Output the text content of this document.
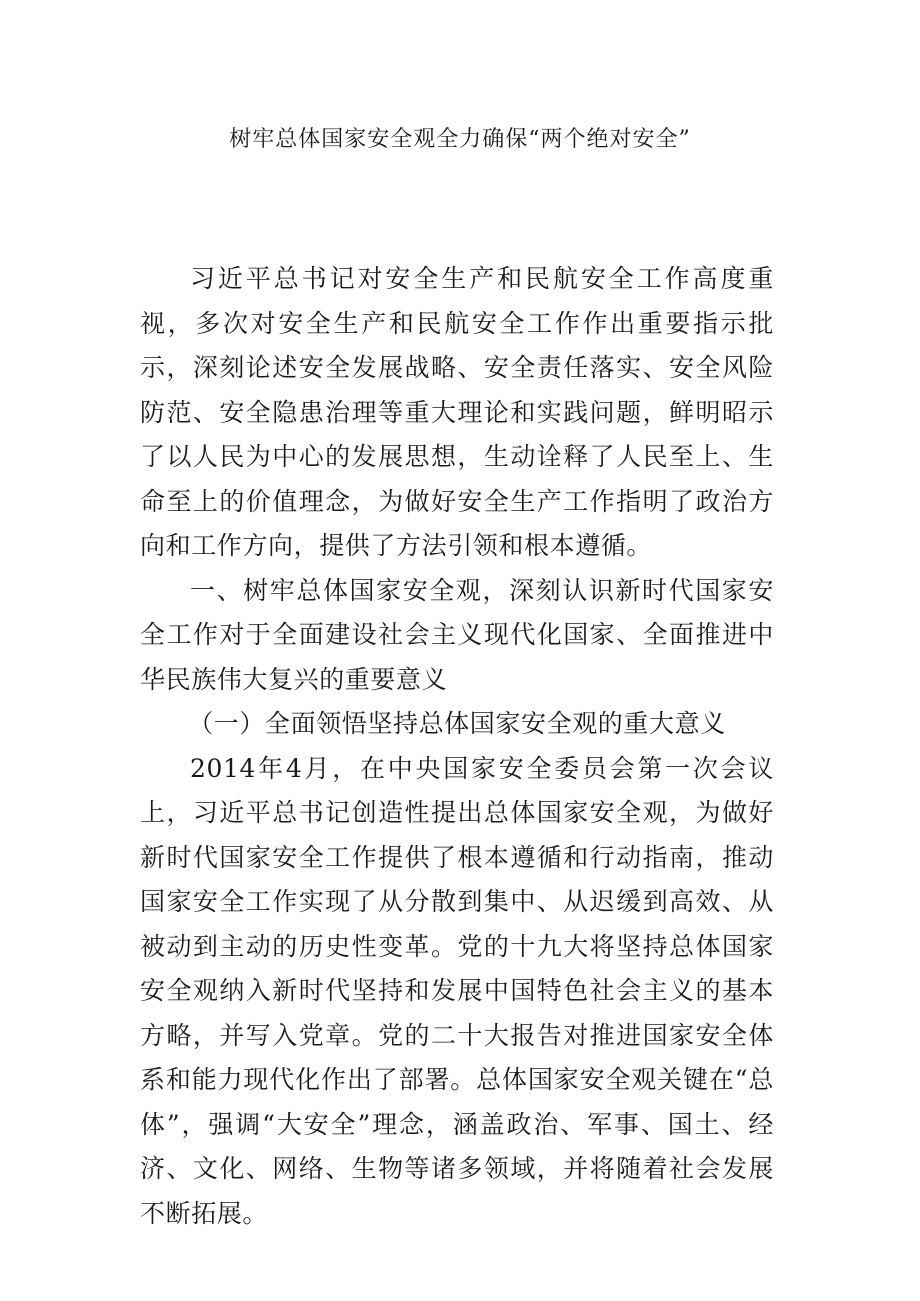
树牢总体国家安全观全力确保“两个绝对安全”

习近平总书记对安全生产和民航安全工作高度重视，多次对安全生产和民航安全工作作出重要指示批示，深刻论述安全发展战略、安全责任落实、安全风险防范、安全隐患治理等重大理论和实践问题，鲜明昭示了以人民为中心的发展思想，生动诠释了人民至上、生命至上的价值理念，为做好安全生产工作指明了政治方向和工作方向，提供了方法引领和根本遵循。

一、树牢总体国家安全观，深刻认识新时代国家安全工作对于全面建设社会主义现代化国家、全面推进中华民族伟大复兴的重要意义

（一）全面领悟坚持总体国家安全观的重大意义

2014年4月，在中央国家安全委员会第一次会议上，习近平总书记创造性提出总体国家安全观，为做好新时代国家安全工作提供了根本遵循和行动指南，推动国家安全工作实现了从分散到集中、从迟缓到高效、从被动到主动的历史性变革。党的十九大将坚持总体国家安全观纳入新时代坚持和发展中国特色社会主义的基本方略，并写入党章。党的二十大报告对推进国家安全体系和能力现代化作出了部署。总体国家安全观关键在“总体”，强调“大安全”理念，涵盖政治、军事、国土、经济、文化、网络、生物等诸多领域，并将随着社会发展不断拓展。
